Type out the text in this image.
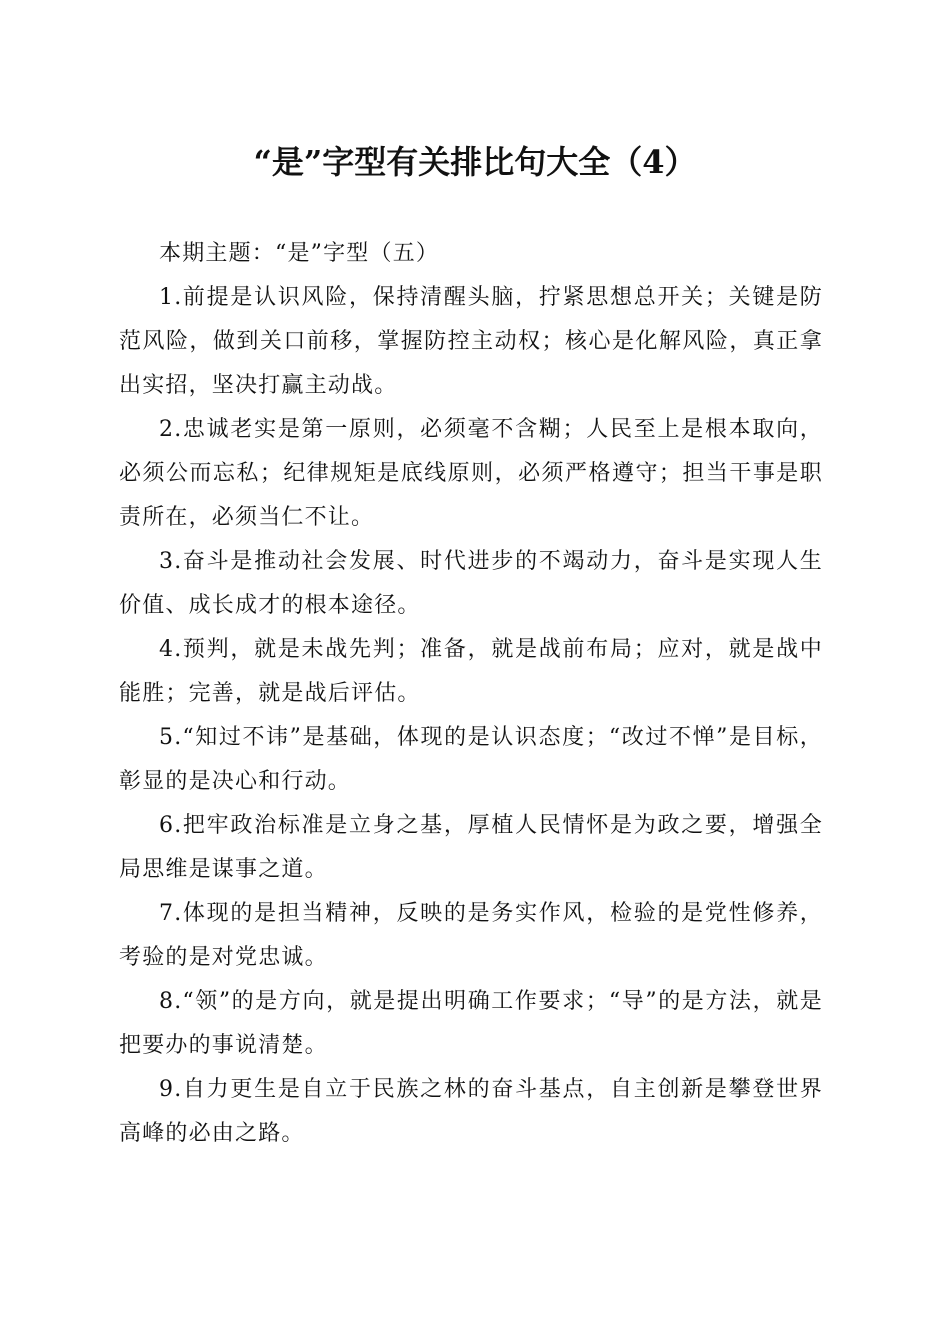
“是”字型有关排比句大全（4）

本期主题：“是”字型（五）

1.前提是认识风险，保持清醒头脑，拧紧思想总开关；关键是防范风险，做到关口前移，掌握防控主动权；核心是化解风险，真正拿出实招，坚决打赢主动战。

2.忠诚老实是第一原则，必须毫不含糊；人民至上是根本取向，必须公而忘私；纪律规矩是底线原则，必须严格遵守；担当干事是职责所在，必须当仁不让。

3.奋斗是推动社会发展、时代进步的不竭动力，奋斗是实现人生价值、成长成才的根本途径。

4.预判，就是未战先判；准备，就是战前布局；应对，就是战中能胜；完善，就是战后评估。

5.“知过不讳”是基础，体现的是认识态度；“改过不惮”是目标，彰显的是决心和行动。

6.把牢政治标准是立身之基，厚植人民情怀是为政之要，增强全局思维是谋事之道。

7.体现的是担当精神，反映的是务实作风，检验的是党性修养，考验的是对党忠诚。

8.“领”的是方向，就是提出明确工作要求；“导”的是方法，就是把要办的事说清楚。

9.自力更生是自立于民族之林的奋斗基点，自主创新是攀登世界高峰的必由之路。
